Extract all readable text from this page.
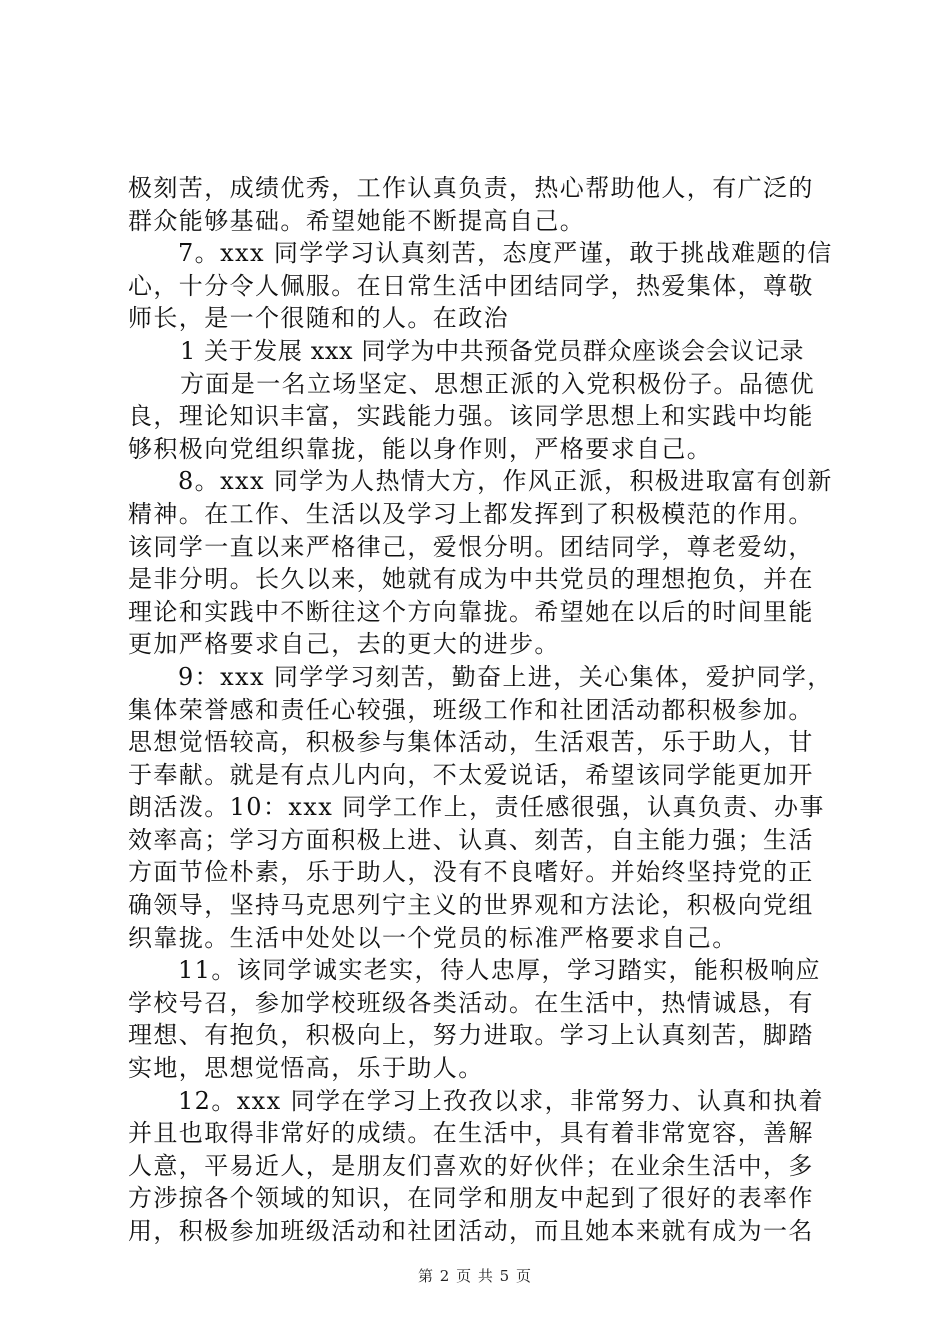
极刻苦，成绩优秀，工作认真负责，热心帮助他人，有广泛的
群众能够基础。希望她能不断提高自己。
7。xxx 同学学习认真刻苦，态度严谨，敢于挑战难题的信
心，十分令人佩服。在日常生活中团结同学，热爱集体，尊敬
师长，是一个很随和的人。在政治
1 关于发展 xxx 同学为中共预备党员群众座谈会会议记录
方面是一名立场坚定、思想正派的入党积极份子。品德优
良，理论知识丰富，实践能力强。该同学思想上和实践中均能
够积极向党组织靠拢，能以身作则，严格要求自己。
8。xxx 同学为人热情大方，作风正派，积极进取富有创新
精神。在工作、生活以及学习上都发挥到了积极模范的作用。
该同学一直以来严格律己，爱恨分明。团结同学，尊老爱幼，
是非分明。长久以来，她就有成为中共党员的理想抱负，并在
理论和实践中不断往这个方向靠拢。希望她在以后的时间里能
更加严格要求自己，去的更大的进步。
9：xxx 同学学习刻苦，勤奋上进，关心集体，爱护同学，
集体荣誉感和责任心较强，班级工作和社团活动都积极参加。
思想觉悟较高，积极参与集体活动，生活艰苦，乐于助人，甘
于奉献。就是有点儿内向，不太爱说话，希望该同学能更加开
朗活泼。10：xxx 同学工作上，责任感很强，认真负责、办事
效率高；学习方面积极上进、认真、刻苦，自主能力强；生活
方面节俭朴素，乐于助人，没有不良嗜好。并始终坚持党的正
确领导，坚持马克思列宁主义的世界观和方法论，积极向党组
织靠拢。生活中处处以一个党员的标准严格要求自己。
11。该同学诚实老实，待人忠厚，学习踏实，能积极响应
学校号召，参加学校班级各类活动。在生活中，热情诚恳，有
理想、有抱负，积极向上，努力进取。学习上认真刻苦，脚踏
实地，思想觉悟高，乐于助人。
12。xxx 同学在学习上孜孜以求，非常努力、认真和执着
并且也取得非常好的成绩。在生活中，具有着非常宽容，善解
人意，平易近人，是朋友们喜欢的好伙伴；在业余生活中，多
方涉掠各个领域的知识，在同学和朋友中起到了很好的表率作
用，积极参加班级活动和社团活动，而且她本来就有成为一名
第 2 页 共 5 页
